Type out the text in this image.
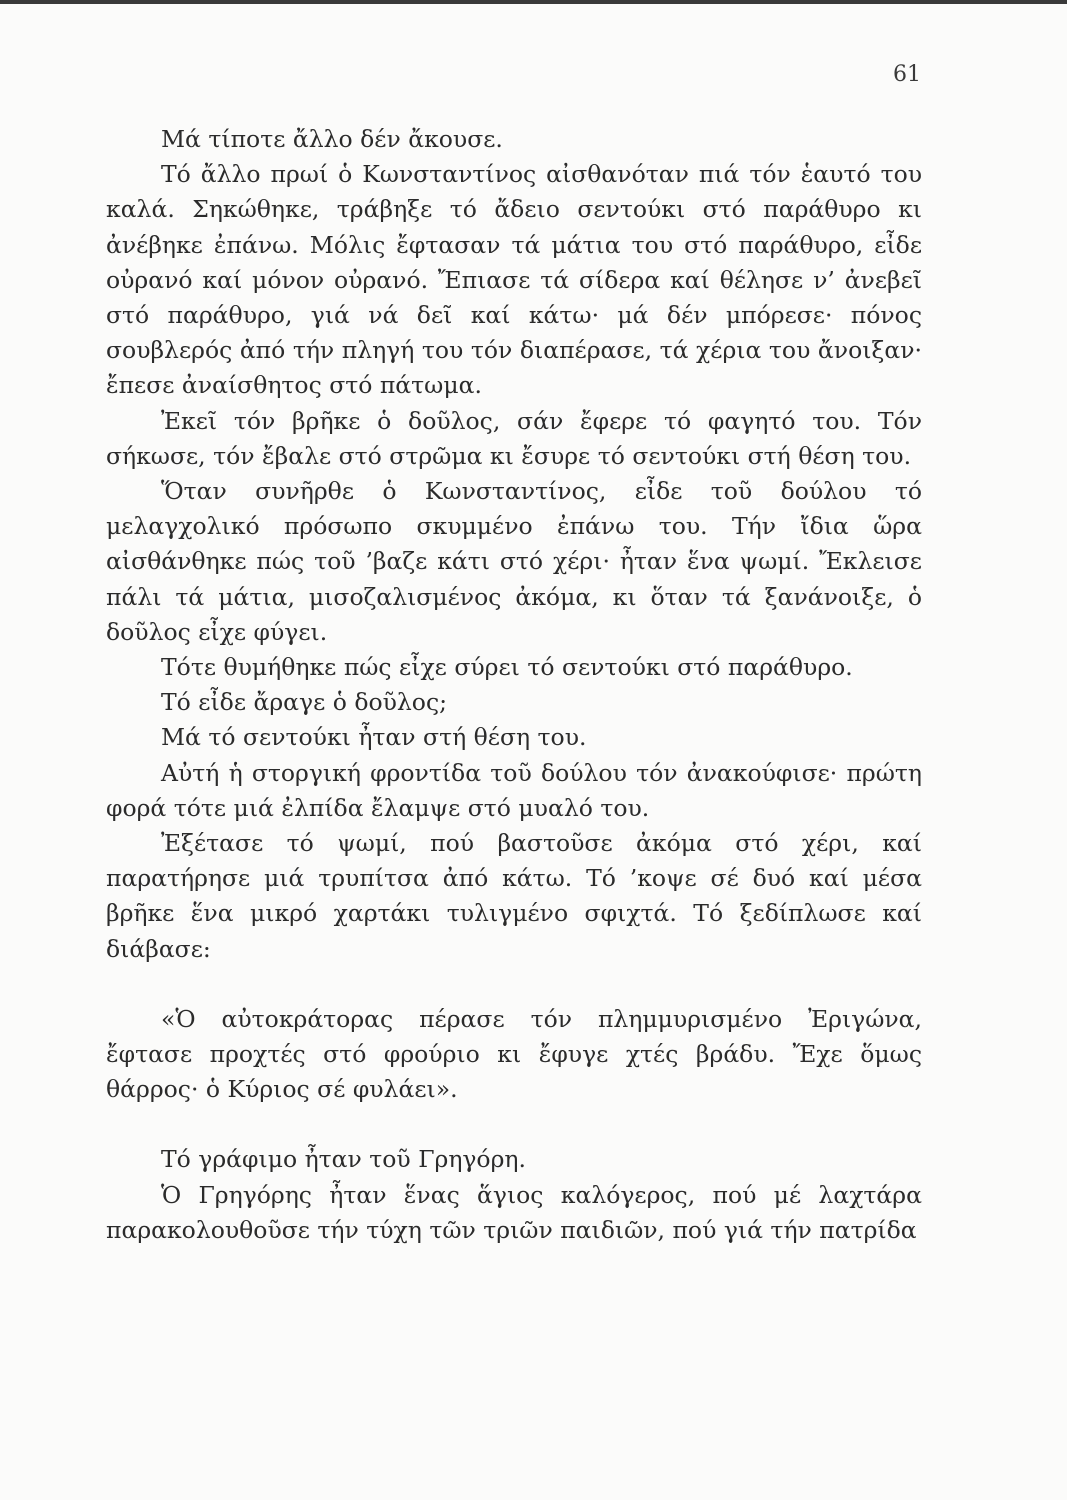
61

Μά τίποτε ἄλλο δέν ἄκουσε.

Τό ἄλλο πρωί ὁ Κωνσταντίνος αἰσθανόταν πιά τόν ἑαυτό του καλά. Σηκώθηκε, τράβηξε τό ἄδειο σεντούκι στό παράθυρο κι ἀνέβηκε ἐπάνω. Μόλις ἔφτασαν τά μάτια του στό παράθυρο, εἶδε οὐρανό καί μόνον οὐρανό. Ἔπιασε τά σίδερα καί θέλησε ν’ ἀνεβεῖ στό παράθυρο, γιά νά δεῖ καί κάτω· μά δέν μπόρεσε· πόνος σουβλερός ἀπό τήν πληγή του τόν διαπέρασε, τά χέρια του ἄνοιξαν· ἔπεσε ἀναίσθητος στό πάτωμα.

Ἐκεῖ τόν βρῆκε ὁ δοῦλος, σάν ἔφερε τό φαγητό του. Τόν σήκωσε, τόν ἔβαλε στό στρῶμα κι ἔσυρε τό σεντούκι στή θέση του.

Ὅταν συνῆρθε ὁ Κωνσταντίνος, εἶδε τοῦ δούλου τό μελαγχολικό πρόσωπο σκυμμένο ἐπάνω του. Τήν ἴδια ὥρα αἰσθάνθηκε πώς τοῦ ’βαζε κάτι στό χέρι· ἦταν ἕνα ψωμί. Ἔκλεισε πάλι τά μάτια, μισοζαλισμένος ἀκόμα, κι ὅταν τά ξανάνοιξε, ὁ δοῦλος εἶχε φύγει.

Τότε θυμήθηκε πώς εἶχε σύρει τό σεντούκι στό παράθυρο.

Τό εἶδε ἄραγε ὁ δοῦλος;

Μά τό σεντούκι ἦταν στή θέση του.

Αὐτή ἡ στοργική φροντίδα τοῦ δούλου τόν ἀνακούφισε· πρώτη φορά τότε μιά ἐλπίδα ἔλαμψε στό μυαλό του.

Ἐξέτασε τό ψωμί, πού βαστοῦσε ἀκόμα στό χέρι, καί παρατήρησε μιά τρυπίτσα ἀπό κάτω. Τό ’κοψε σέ δυό καί μέσα βρῆκε ἕνα μικρό χαρτάκι τυλιγμένο σφιχτά. Τό ξεδίπλωσε καί διάβασε:

«Ὁ αὐτοκράτορας πέρασε τόν πλημμυρισμένο Ἐριγώνα, ἔφτασε προχτές στό φρούριο κι ἔφυγε χτές βράδυ. Ἔχε ὅμως θάρρος· ὁ Κύριος σέ φυλάει».

Τό γράφιμο ἦταν τοῦ Γρηγόρη.

Ὁ Γρηγόρης ἦταν ἕνας ἅγιος καλόγερος, πού μέ λαχτάρα παρακολουθοῦσε τήν τύχη τῶν τριῶν παιδιῶν, πού γιά τήν πατρίδα
